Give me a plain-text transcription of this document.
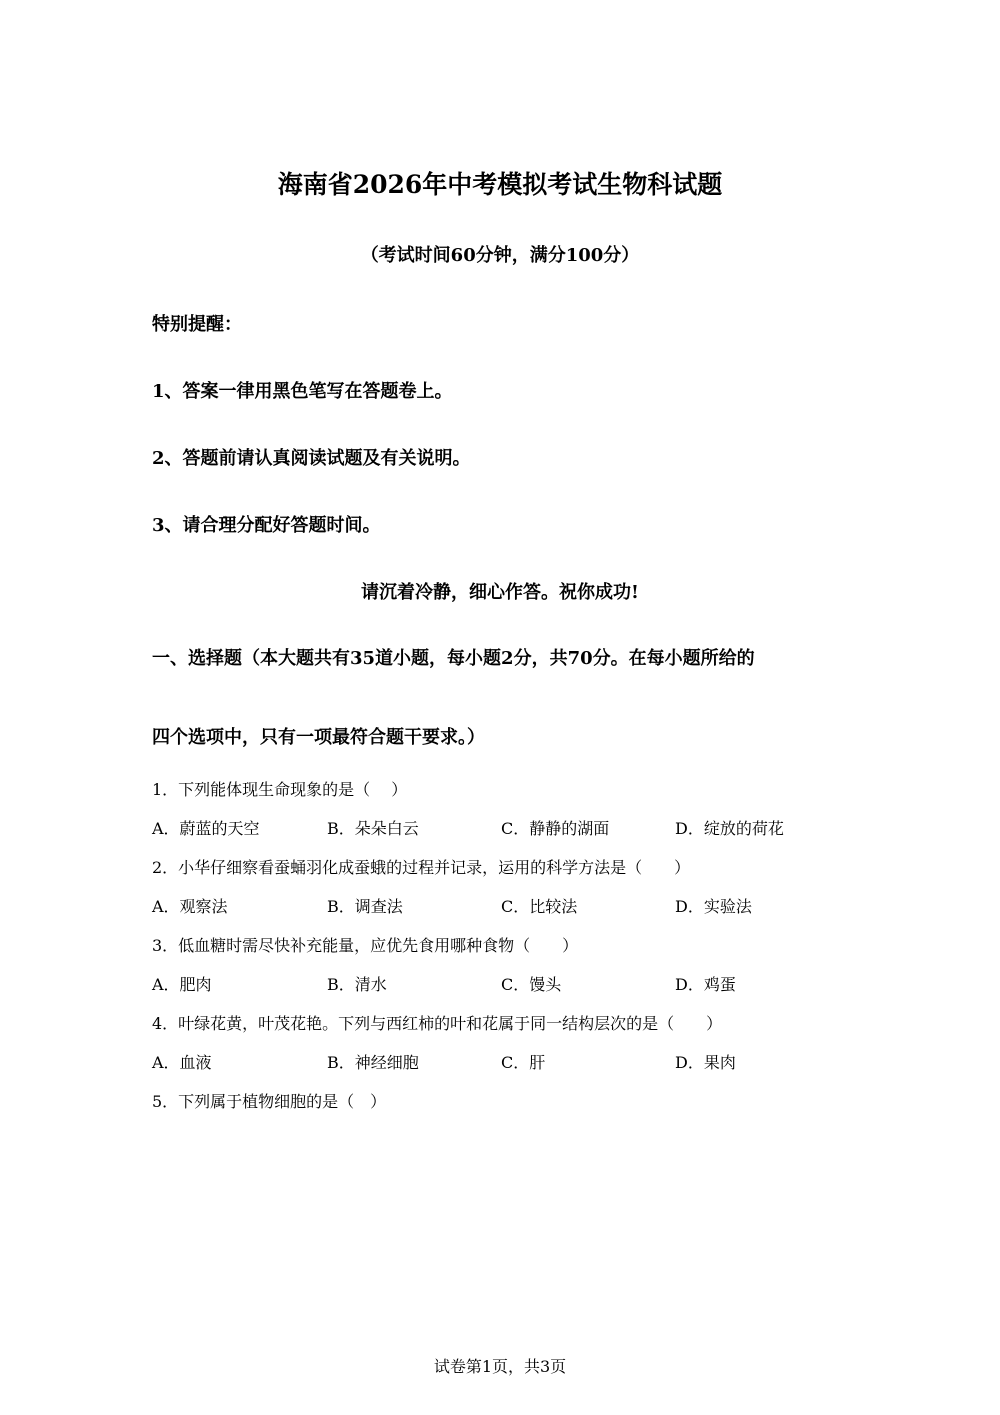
海南省2026年中考模拟考试生物科试题
（考试时间60分钟，满分100分）
特别提醒：
1、答案一律用黑色笔写在答题卷上。
2、答题前请认真阅读试题及有关说明。
3、请合理分配好答题时间。
请沉着冷静，细心作答。祝你成功!
一、选择题（本大题共有35道小题，每小题2分，共70分。在每小题所给的
四个选项中，只有一项最符合题干要求。）
1．下列能体现生命现象的是（　 ）
A．蔚蓝的天空	B．朵朵白云	C．静静的湖面	D．绽放的荷花
2．小华仔细察看蚕蛹羽化成蚕蛾的过程并记录，运用的科学方法是（　　）
A．观察法	B．调查法	C．比较法	D．实验法
3．低血糖时需尽快补充能量，应优先食用哪种食物（　　）
A．肥肉	B．清水	C．馒头	D．鸡蛋
4．叶绿花黄，叶茂花艳。下列与西红柿的叶和花属于同一结构层次的是（　　）
A．血液	B．神经细胞	C．肝	D．果肉
5．下列属于植物细胞的是（　）
试卷第1页，共3页
